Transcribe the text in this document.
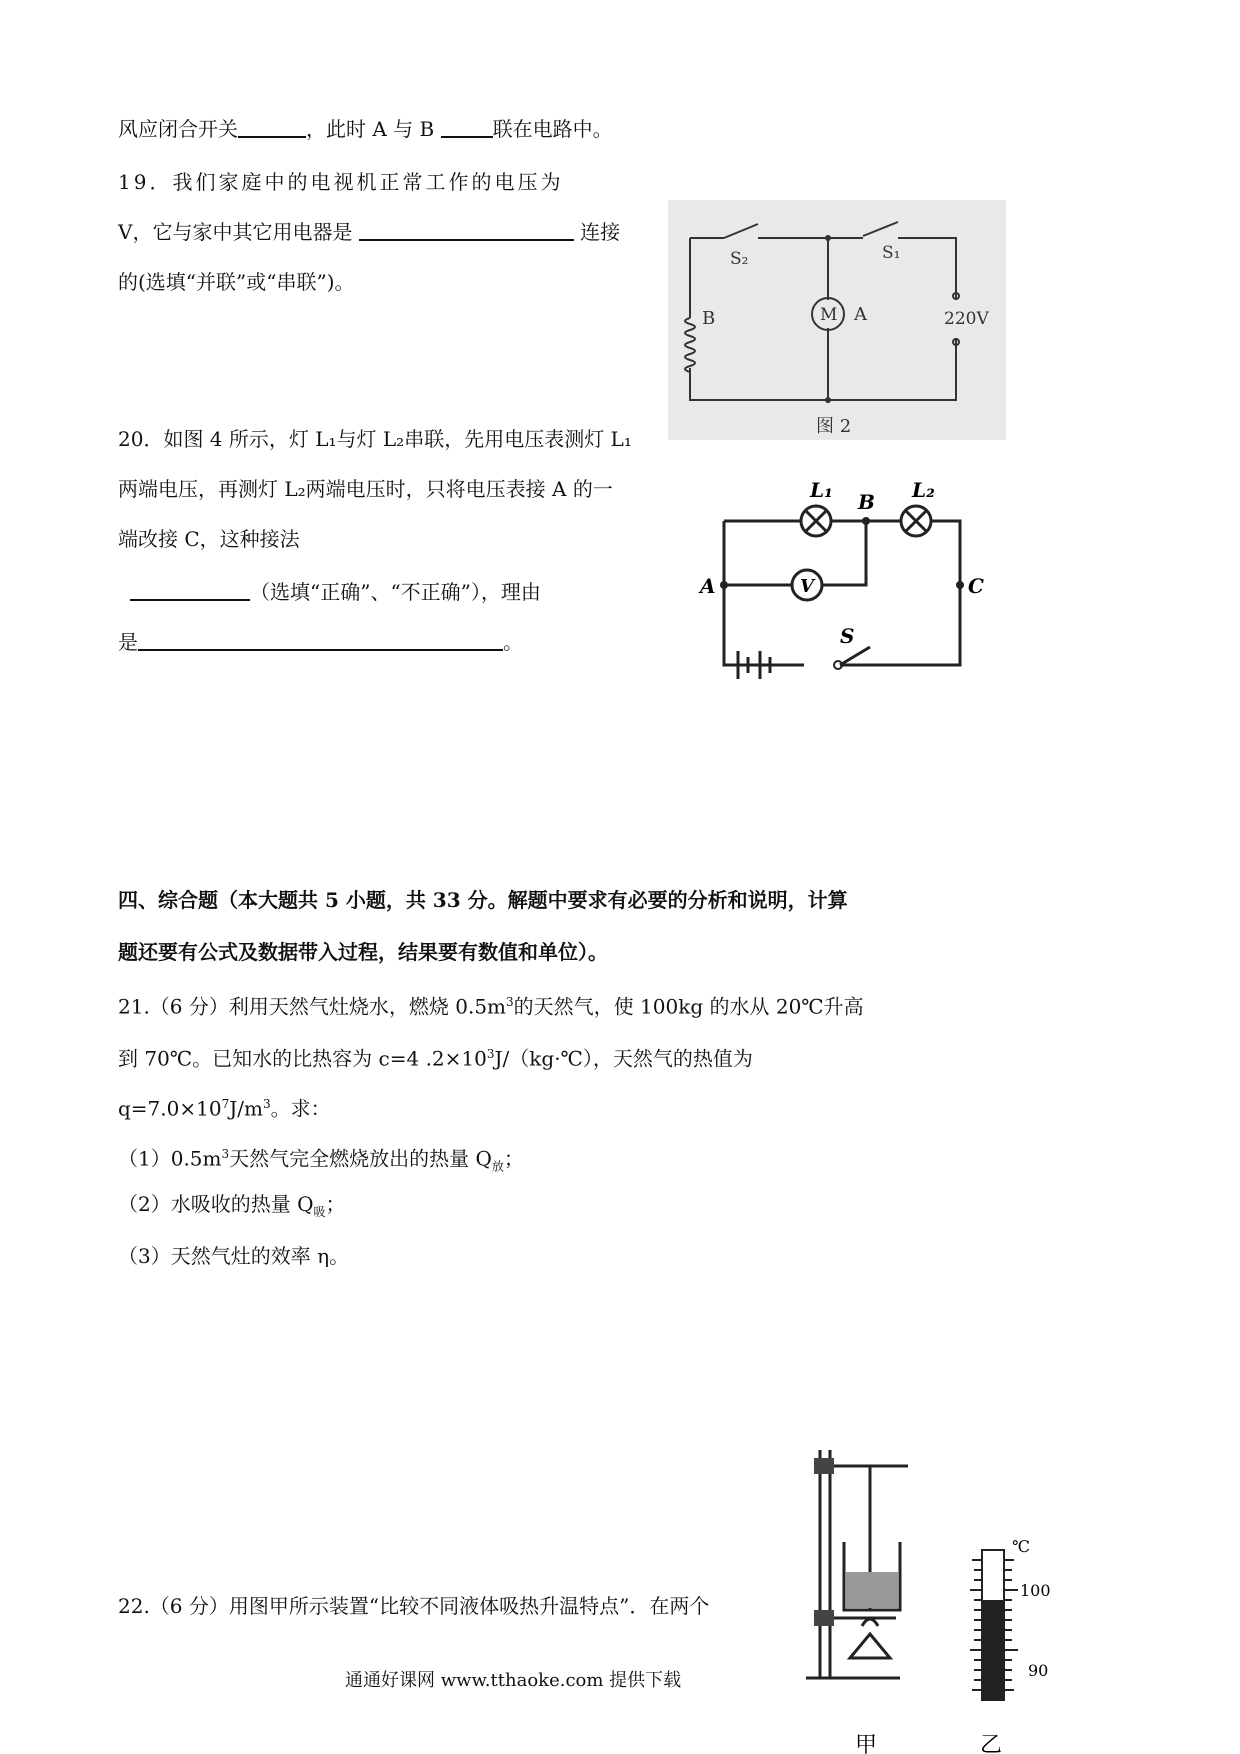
风应闭合开关	，此时 A 与 B	联在电路中。
19．我们家庭中的电视机正常工作的电压为
V，它与家中其它用电器是	连接
的(选填“并联”或“串联”)。
S₂	S₁
B	M A	220V
图 2
20．如图 4 所示，灯 L₁与灯 L₂串联，先用电压表测灯 L₁
两端电压，再测灯 L₂两端电压时，只将电压表接 A 的一
端改接 C，这种接法
（选填“正确”、“不正确”），理由
是	。
L₁	L₂
B
A	C
V
S
四、综合题（本大题共 5 小题，共 33 分。解题中要求有必要的分析和说明，计算
题还要有公式及数据带入过程，结果要有数值和单位）。
21.（6 分）利用天然气灶烧水，燃烧 $0.5m^3$的天然气，使 100kg 的水从 20℃升高
到 70℃。已知水的比热容为 c=4 $.2\times 10^3J/(kg\cdot℃)$，天然气的热值为
$q=7.0\times 10^7J/m^3$。求：
$(1)0.5m^3$天然气完全燃烧放出的热量 $Q_放$；
（2）水吸收的热量 $Q_吸$；
（3）天然气灶的效率 η。
22.（6 分）用图甲所示装置“比较不同液体吸热升温特点”．在两个
甲
℃
100
90
乙
通通好课网 www.tthaoke.com 提供下载
